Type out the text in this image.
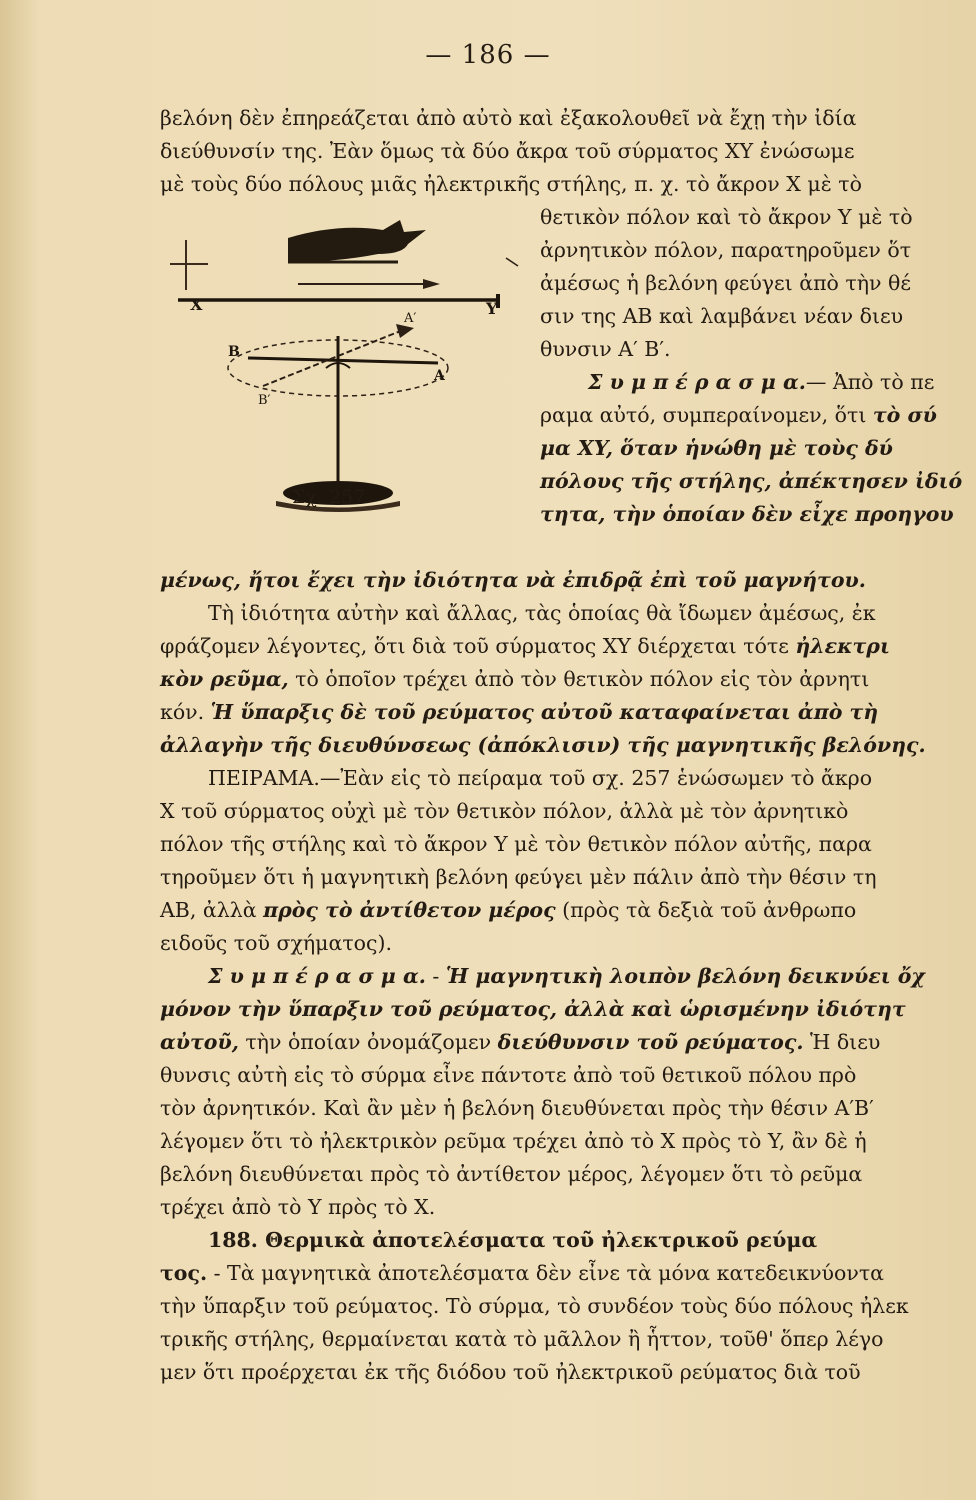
— 186 —
βελόνη δὲν ἐπηρεάζεται ἀπὸ αὐτὸ καὶ ἐξακολουθεῖ νὰ ἔχῃ τὴν ἰδία
διεύθυνσίν της. Ἐὰν ὅμως τὰ δύο ἄκρα τοῦ σύρματος XY ἐνώσωμε
μὲ τοὺς δύο πόλους μιᾶς ἠλεκτρικῆς στήλης, π. χ. τὸ ἄκρον X μὲ τὸ
X	Y
B
A
B′
A′
Σχ. 257
θετικὸν πόλον καὶ τὸ ἄκρον Y μὲ τὸ
ἀρνητικὸν πόλον, παρατηροῦμεν ὅτ
ἀμέσως ἡ βελόνη φεύγει ἀπὸ τὴν θέ
σιν της AB καὶ λαμβάνει νέαν διευ
θυνσιν A′ B′.
Σ υ μ π έ ρ α σ μ α.— Ἀπὸ τὸ πε
ραμα αὐτό, συμπεραίνομεν, ὅτι τὸ σύ
μα XY, ὅταν ἡνώθη μὲ τοὺς δύ
πόλους τῆς στήλης, ἀπέκτησεν ἰδιό
τητα, τὴν ὁποίαν δὲν εἶχε προηγου
μένως, ἤτοι ἔχει τὴν ἰδιότητα νὰ ἐπιδρᾷ ἐπὶ τοῦ μαγνήτου.
Τὴ ἰδιότητα αὐτὴν καὶ ἄλλας, τὰς ὁποίας θὰ ἴδωμεν ἀμέσως, ἐκ
φράζομεν λέγοντες, ὅτι διὰ τοῦ σύρματος XY διέρχεται τότε ἠλεκτρι
κὸν ρεῦμα, τὸ ὁποῖον τρέχει ἀπὸ τὸν θετικὸν πόλον εἰς τὸν ἀρνητι
κόν. Ἡ ὕπαρξις δὲ τοῦ ρεύματος αὐτοῦ καταφαίνεται ἀπὸ τὴ
ἀλλαγὴν τῆς διευθύνσεως (ἀπόκλισιν) τῆς μαγνητικῆς βελόνης.
ΠΕΙΡΑΜΑ.—Ἐὰν εἰς τὸ πείραμα τοῦ σχ. 257 ἑνώσωμεν τὸ ἄκρο
X τοῦ σύρματος οὐχὶ μὲ τὸν θετικὸν πόλον, ἀλλὰ μὲ τὸν ἀρνητικὸ
πόλον τῆς στήλης καὶ τὸ ἄκρον Y μὲ τὸν θετικὸν πόλον αὐτῆς, παρα
τηροῦμεν ὅτι ἡ μαγνητικὴ βελόνη φεύγει μὲν πάλιν ἀπὸ τὴν θέσιν τη
AB, ἀλλὰ πρὸς τὸ ἀντίθετον μέρος (πρὸς τὰ δεξιὰ τοῦ ἀνθρωπο
ειδοῦς τοῦ σχήματος).
Σ υ μ π έ ρ α σ μ α. - Ἡ μαγνητικὴ λοιπὸν βελόνη δεικνύει ὄχ
μόνον τὴν ὕπαρξιν τοῦ ρεύματος, ἀλλὰ καὶ ὡρισμένην ἰδιότητ
αὐτοῦ, τὴν ὁποίαν ὀνομάζομεν διεύθυνσιν τοῦ ρεύματος. Ἡ διευ
θυνσις αὐτὴ εἰς τὸ σύρμα εἶνε πάντοτε ἀπὸ τοῦ θετικοῦ πόλου πρὸ
τὸν ἀρνητικόν. Καὶ ἂν μὲν ἡ βελόνη διευθύνεται πρὸς τὴν θέσιν A′B′
λέγομεν ὅτι τὸ ἠλεκτρικὸν ρεῦμα τρέχει ἀπὸ τὸ X πρὸς τὸ Y, ἂν δὲ ἡ
βελόνη διευθύνεται πρὸς τὸ ἀντίθετον μέρος, λέγομεν ὅτι τὸ ρεῦμα
τρέχει ἀπὸ τὸ Y πρὸς τὸ X.
188. Θερμικὰ ἀποτελέσματα τοῦ ἠλεκτρικοῦ ρεύμα
τος. - Τὰ μαγνητικὰ ἀποτελέσματα δὲν εἶνε τὰ μόνα κατεδεικνύοντα
τὴν ὕπαρξιν τοῦ ρεύματος. Τὸ σύρμα, τὸ συνδέον τοὺς δύο πόλους ἠλεκ
τρικῆς στήλης, θερμαίνεται κατὰ τὸ μᾶλλον ἢ ἧττον, τοῦθ' ὅπερ λέγο
μεν ὅτι προέρχεται ἐκ τῆς διόδου τοῦ ἠλεκτρικοῦ ρεύματος διὰ τοῦ
